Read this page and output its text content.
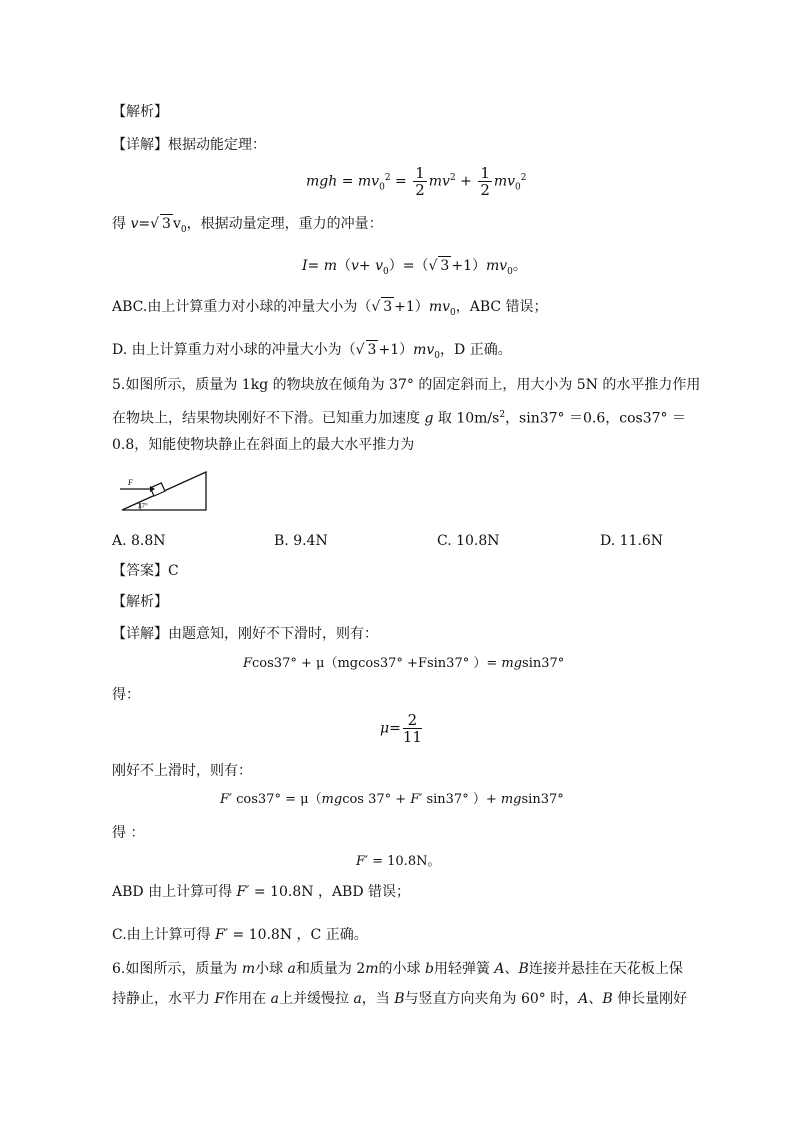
【解析】
【详解】根据动能定理：
mgh = $mv_0^2 = \frac{1}{2} mv^2 + \frac{1}{2} mv_0^2$
得 v=√ 3 $v_0$，根据动量定理，重力的冲量：
$I= m(v+ v_0)=(√$ $3 +1)mv_0$。
ABC.由上计算重力对小球的冲量大小为（√ $3 +1)mv_0$，ABC 错误；
D. 由上计算重力对小球的冲量大小为（√ $3 +1)mv_0$，D 正确。
5.如图所示，质量为 1kg 的物块放在倾角为 37° 的固定斜而上，用大小为 5N 的水平推力作用
在物块上，结果物块刚好不下滑。已知重力加速度 g 取 $10m/s^2$，sin37° ＝0.6，cos37° ＝
0.8，知能使物块静止在斜面上的最大水平推力为
F
37°
A. 8.8N	B. 9.4N	C. 10.8N	D. 11.6N
【答案】C
【解析】
【详解】由题意知，刚好不下滑时，则有：
Fcos37° + μ（mgcos37° +Fsin37° ）= mgsin37°
得：
$\mu= \frac{2}{11}$
刚好不上滑时，则有：
F′ cos37° = μ（mgcos 37° + F′ sin37° ）+ mgsin37°
得 ：
F′ = 10.8N。
ABD 由上计算可得 F′ = 10.8N ，ABD 错误；
C.由上计算可得 F′ = 10.8N ，C 正确。
6.如图所示，质量为 m小球 a和质量为 2m的小球 b用轻弹簧 A、B连接并悬挂在天花板上保
持静止，水平力 F作用在 a上并缓慢拉 a，当 B与竖直方向夹角为 60° 时，A、B 伸长量刚好
